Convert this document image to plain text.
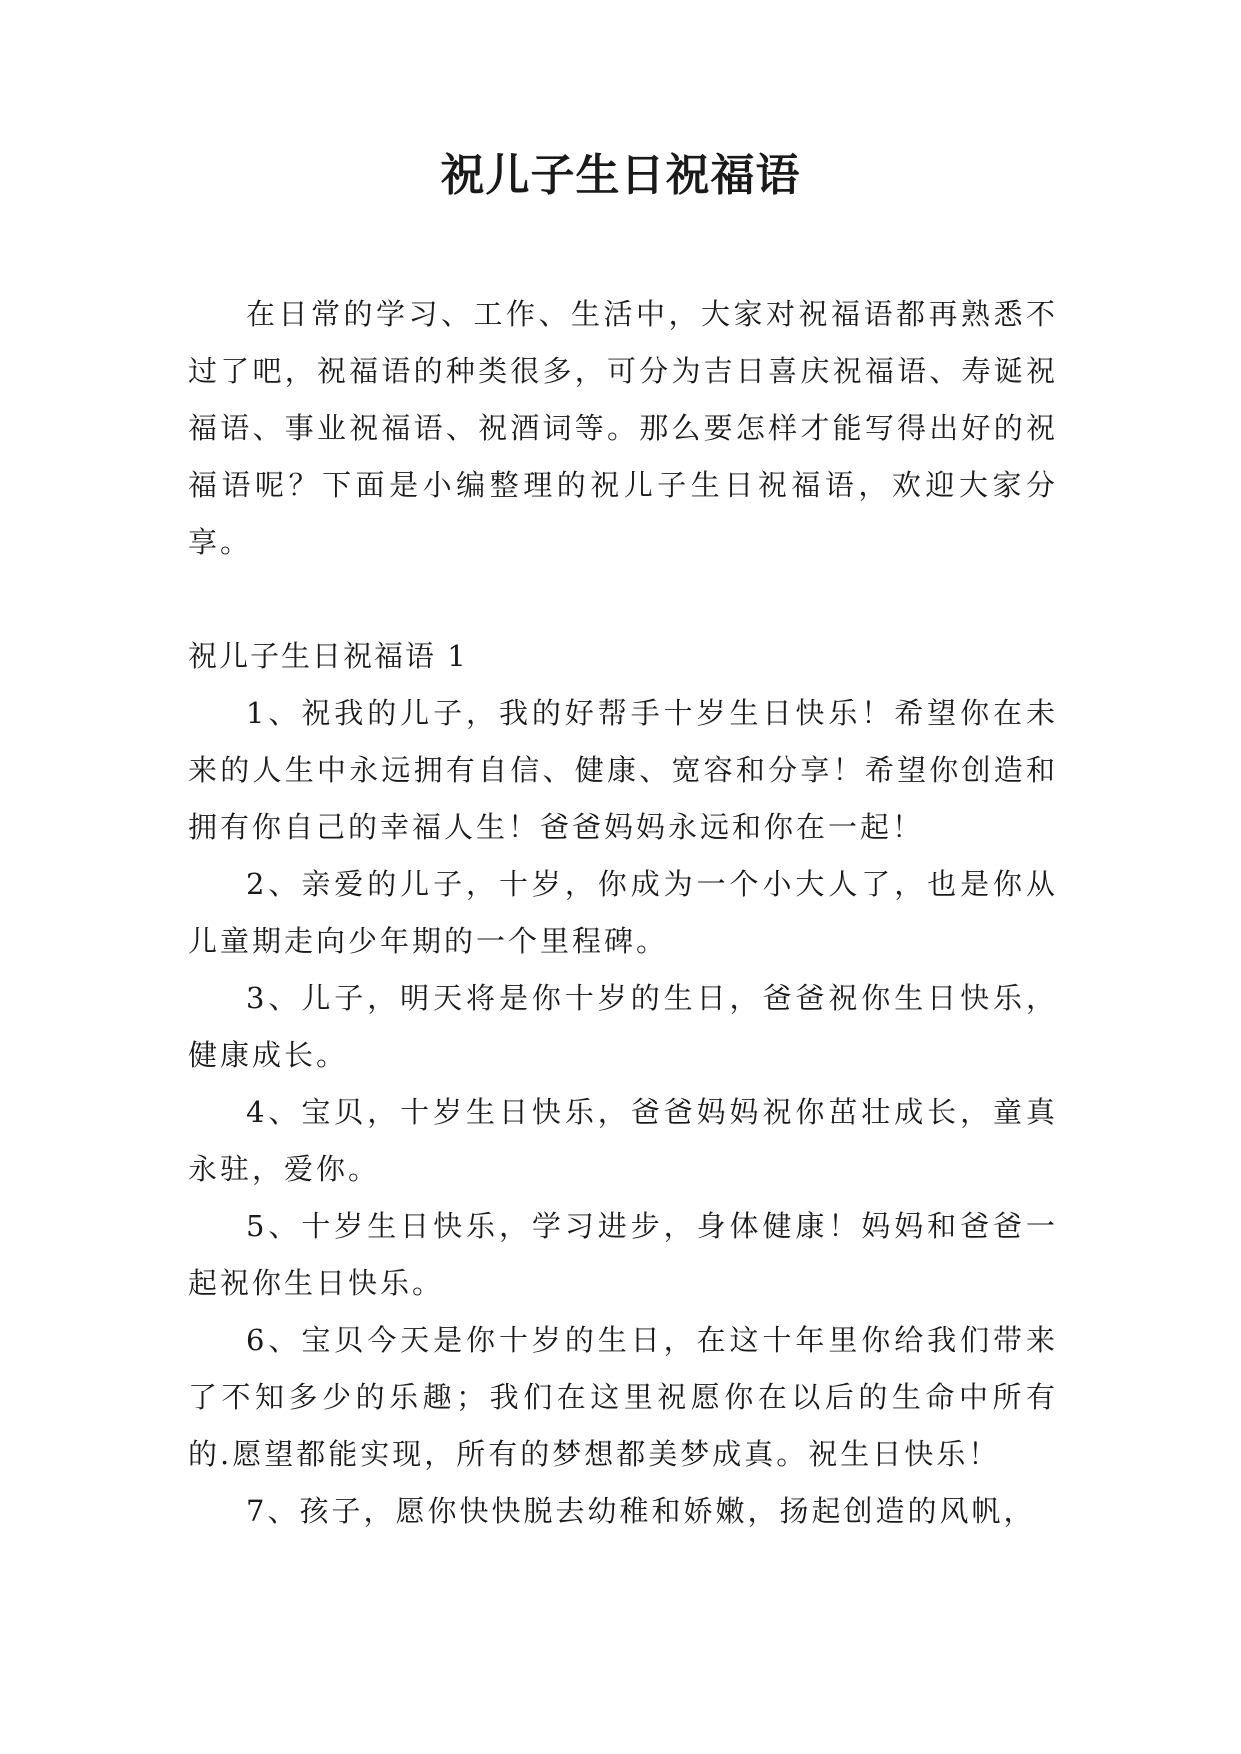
祝儿子生日祝福语

在日常的学习、工作、生活中，大家对祝福语都再熟悉不过了吧，祝福语的种类很多，可分为吉日喜庆祝福语、寿诞祝福语、事业祝福语、祝酒词等。那么要怎样才能写得出好的祝福语呢？下面是小编整理的祝儿子生日祝福语，欢迎大家分享。

祝儿子生日祝福语 1

1、祝我的儿子，我的好帮手十岁生日快乐！希望你在未来的人生中永远拥有自信、健康、宽容和分享！希望你创造和拥有你自己的幸福人生！爸爸妈妈永远和你在一起！

2、亲爱的儿子，十岁，你成为一个小大人了，也是你从儿童期走向少年期的一个里程碑。

3、儿子，明天将是你十岁的生日，爸爸祝你生日快乐，健康成长。

4、宝贝，十岁生日快乐，爸爸妈妈祝你茁壮成长，童真永驻，爱你。

5、十岁生日快乐，学习进步，身体健康！妈妈和爸爸一起祝你生日快乐。

6、宝贝今天是你十岁的生日，在这十年里你给我们带来了不知多少的乐趣；我们在这里祝愿你在以后的生命中所有的.愿望都能实现，所有的梦想都美梦成真。祝生日快乐！

7、孩子，愿你快快脱去幼稚和娇嫩，扬起创造的风帆，
